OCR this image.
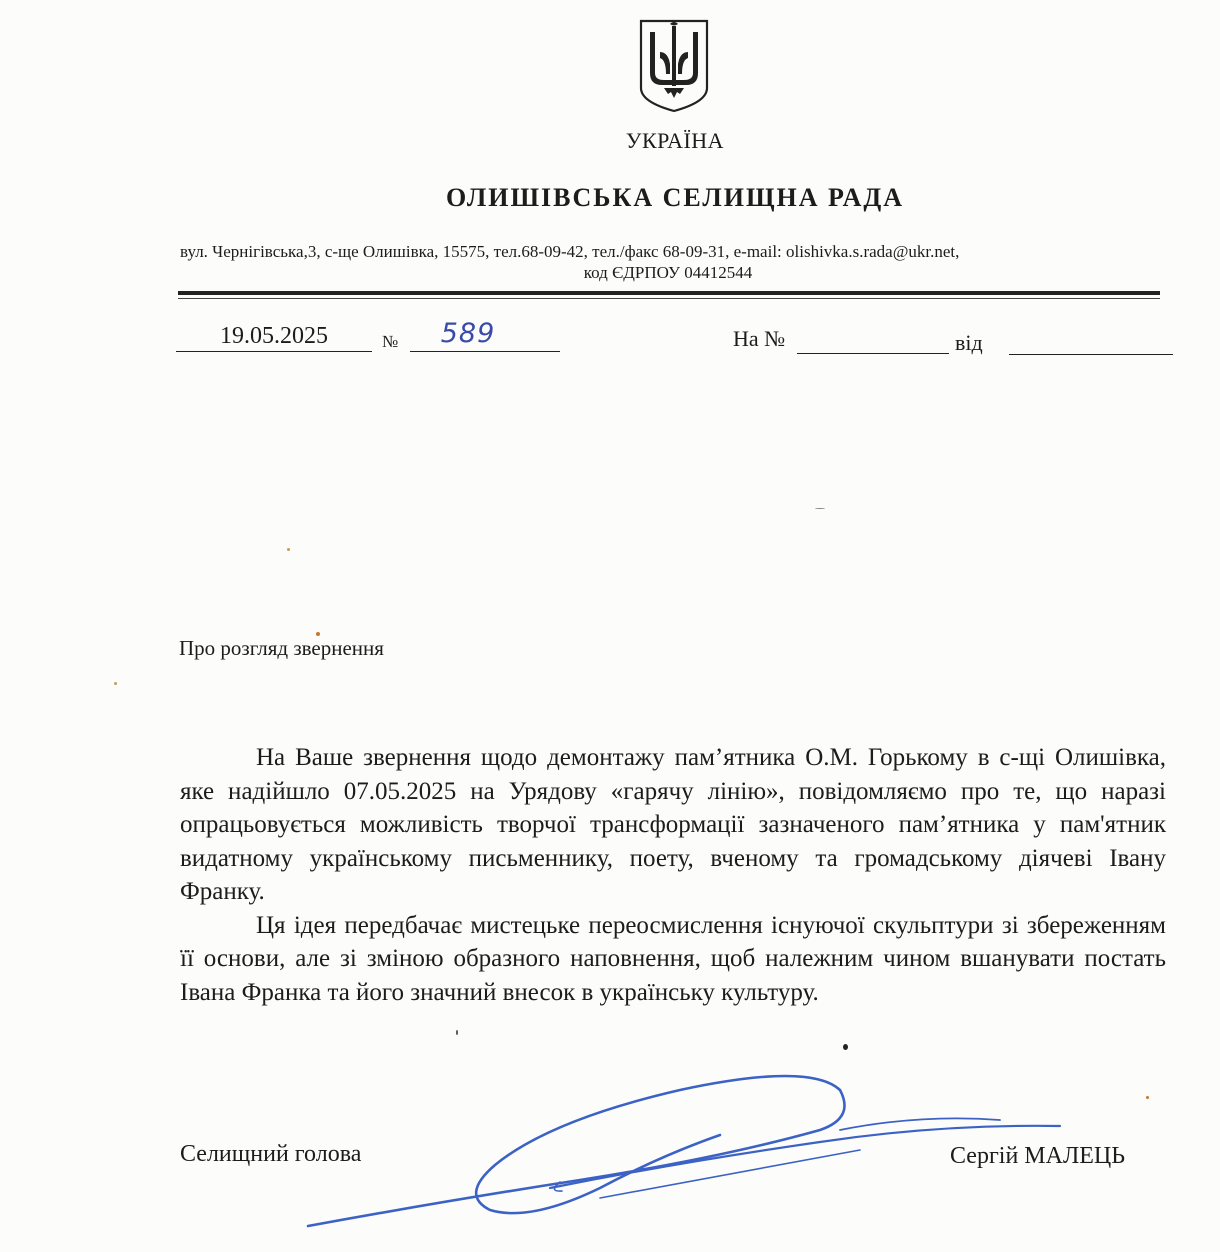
УКРАЇНА
ОЛИШІВСЬКА СЕЛИЩНА РАДА
вул. Чернігівська,3, с-ще Олишівка, 15575, тел.68-09-42, тел./факс 68-09-31, e-mail: olishivka.s.rada@ukr.net,
код ЄДРПОУ 04412544
19.05.2025	№	589	На №	від
Про розгляд звернення

На Ваше звернення щодо демонтажу пам’ятника О.М. Горькому в с-щі Олишівка, яке надійшло 07.05.2025 на Урядову «гарячу лінію», повідомляємо про те, що наразі опрацьовується можливість творчої трансформації зазначеного пам’ятника у пам'ятник видатному українському письменнику, поету, вченому та громадському діячеві Івану Франку.

Ця ідея передбачає мистецьке переосмислення існуючої скульптури зі збереженням її основи, але зі зміною образного наповнення, щоб належним чином вшанувати постать Івана Франка та його значний внесок в українську культуру.

Селищний голова	Сергій МАЛЕЦЬ
